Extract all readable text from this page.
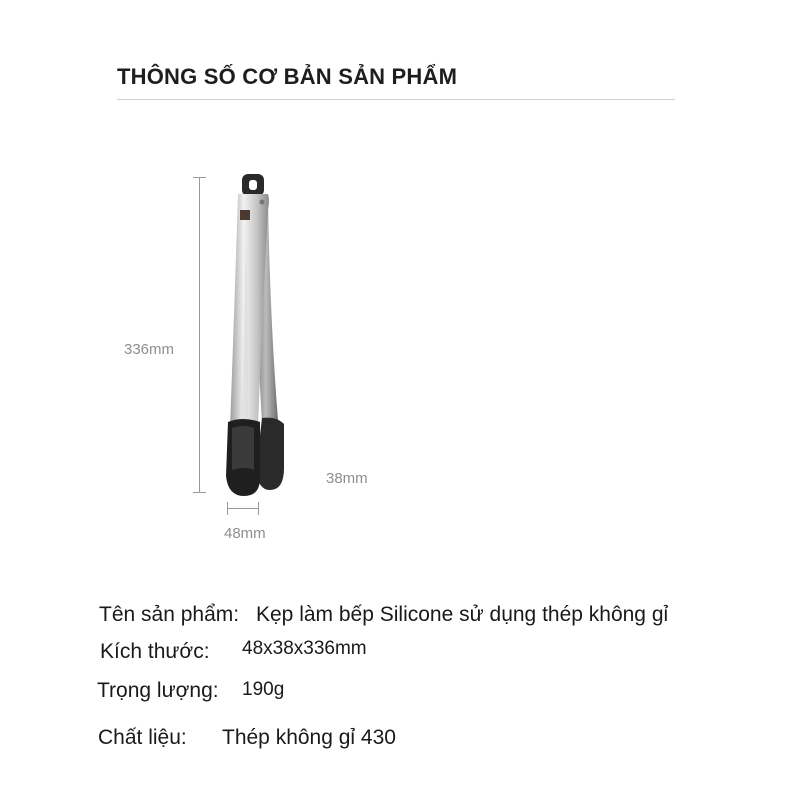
THÔNG SỐ CƠ BẢN SẢN PHẨM
336mm
48mm
38mm
Tên sản phẩm: Kẹp làm bếp Silicone sử dụng thép không gỉ
Kích thước: 48x38x336mm
Trọng lượng: 190g
Chất liệu: Thép không gỉ 430
